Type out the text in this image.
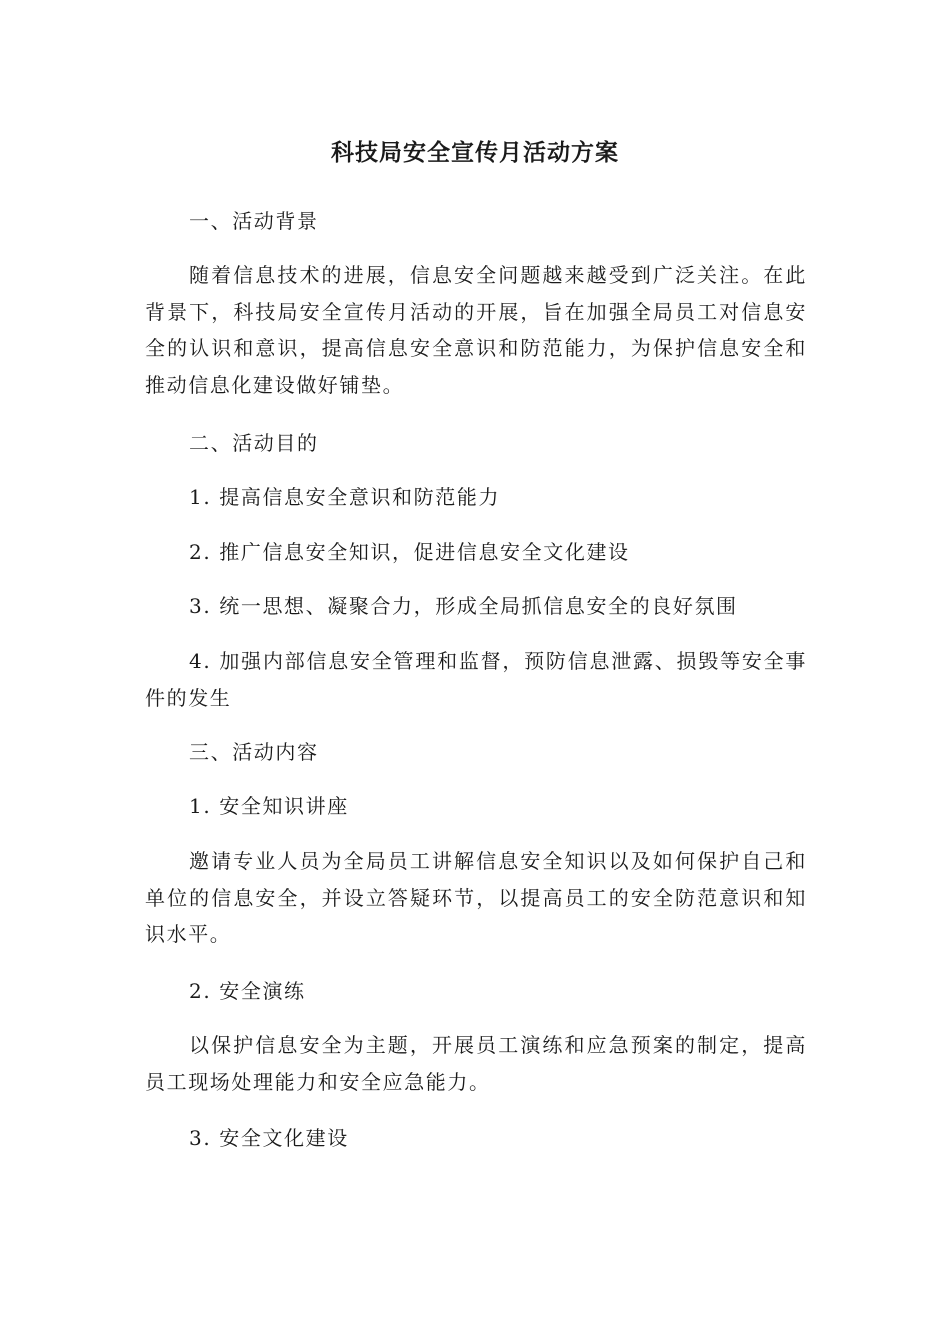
科技局安全宣传月活动方案

一、活动背景

随着信息技术的进展，信息安全问题越来越受到广泛关注。在此背景下，科技局安全宣传月活动的开展，旨在加强全局员工对信息安全的认识和意识，提高信息安全意识和防范能力，为保护信息安全和推动信息化建设做好铺垫。

二、活动目的

1. 提高信息安全意识和防范能力

2. 推广信息安全知识，促进信息安全文化建设

3. 统一思想、凝聚合力，形成全局抓信息安全的良好氛围

4. 加强内部信息安全管理和监督，预防信息泄露、损毁等安全事件的发生

三、活动内容

1. 安全知识讲座

邀请专业人员为全局员工讲解信息安全知识以及如何保护自己和单位的信息安全，并设立答疑环节，以提高员工的安全防范意识和知识水平。

2. 安全演练

以保护信息安全为主题，开展员工演练和应急预案的制定，提高员工现场处理能力和安全应急能力。

3. 安全文化建设
